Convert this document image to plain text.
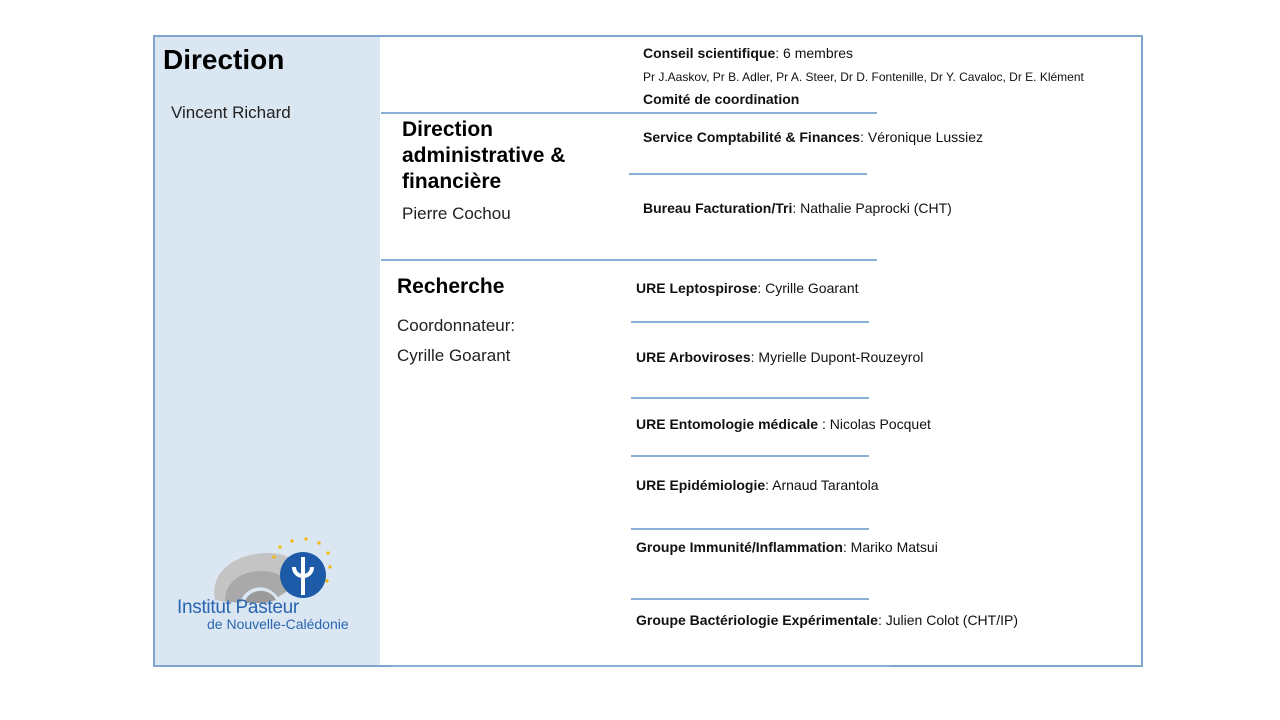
Direction
Vincent Richard
Conseil scientifique: 6 membres
Pr J.Aaskov, Pr B. Adler, Pr A. Steer, Dr D. Fontenille, Dr Y. Cavaloc, Dr E. Klément
Comité de coordination
Direction
administrative &
financière
Pierre Cochou
Service Comptabilité & Finances: Véronique Lussiez
Bureau Facturation/Tri: Nathalie Paprocki (CHT)
Recherche
Coordonnateur:
Cyrille Goarant
URE Leptospirose: Cyrille Goarant
URE Arboviroses: Myrielle Dupont-Rouzeyrol
URE Entomologie médicale : Nicolas Pocquet
URE Epidémiologie: Arnaud Tarantola
Groupe Immunité/Inflammation: Mariko Matsui
Groupe Bactériologie Expérimentale: Julien Colot (CHT/IP)
Institut Pasteur
de Nouvelle-Calédonie
